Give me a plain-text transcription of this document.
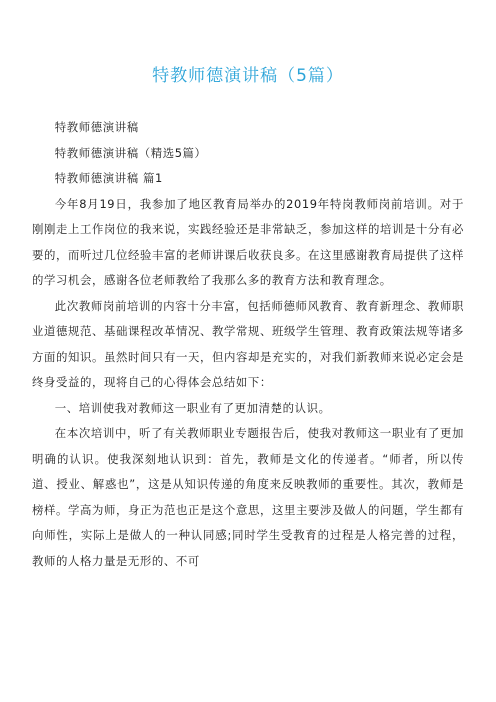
特教师德演讲稿（5篇）

特教师德演讲稿

特教师德演讲稿（精选5篇）

特教师德演讲稿 篇1

今年8月19日，我参加了地区教育局举办的2019年特岗教师岗前培训。对于刚刚走上工作岗位的我来说，实践经验还是非常缺乏，参加这样的培训是十分有必要的，而听过几位经验丰富的老师讲课后收获良多。在这里感谢教育局提供了这样的学习机会，感谢各位老师教给了我那么多的教育方法和教育理念。

此次教师岗前培训的内容十分丰富，包括师德师风教育、教育新理念、教师职业道德规范、基础课程改革情况、教学常规、班级学生管理、教育政策法规等诸多方面的知识。虽然时间只有一天，但内容却是充实的，对我们新教师来说必定会是终身受益的，现将自己的心得体会总结如下：

一、培训使我对教师这一职业有了更加清楚的认识。

在本次培训中，听了有关教师职业专题报告后，使我对教师这一职业有了更加明确的认识。使我深刻地认识到：首先，教师是文化的传递者。“师者，所以传道、授业、解惑也”，这是从知识传递的角度来反映教师的重要性。其次，教师是榜样。学高为师，身正为范也正是这个意思，这里主要涉及做人的问题，学生都有向师性，实际上是做人的一种认同感;同时学生受教育的过程是人格完善的过程，教师的人格力量是无形的、不可
